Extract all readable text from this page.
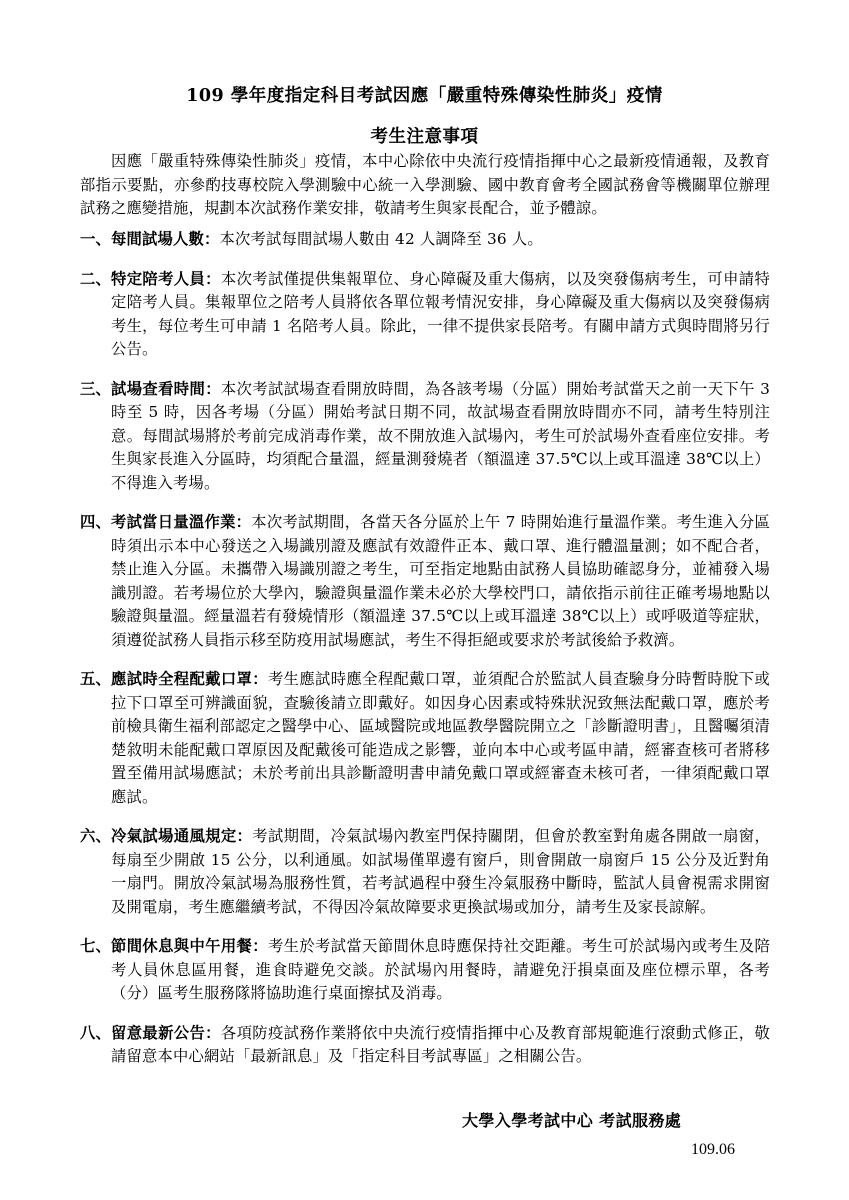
109 學年度指定科目考試因應「嚴重特殊傳染性肺炎」疫情
考生注意事項
因應「嚴重特殊傳染性肺炎」疫情，本中心除依中央流行疫情指揮中心之最新疫情通報，及教育部指示要點，亦參酌技專校院入學測驗中心統一入學測驗、國中教育會考全國試務會等機關單位辦理試務之應變措施，規劃本次試務作業安排，敬請考生與家長配合，並予體諒。
一、 每間試場人數：本次考試每間試場人數由 42 人調降至 36 人。
二、 特定陪考人員：本次考試僅提供集報單位、身心障礙及重大傷病，以及突發傷病考生，可申請特定陪考人員。集報單位之陪考人員將依各單位報考情況安排，身心障礙及重大傷病以及突發傷病考生，每位考生可申請 1 名陪考人員。除此，一律不提供家長陪考。有關申請方式與時間將另行公告。
三、 試場查看時間：本次考試試場查看開放時間，為各該考場（分區）開始考試當天之前一天下午 3 時至 5 時，因各考場（分區）開始考試日期不同，故試場查看開放時間亦不同，請考生特別注意。每間試場將於考前完成消毒作業，故不開放進入試場內，考生可於試場外查看座位安排。考生與家長進入分區時，均須配合量溫，經量測發燒者（額溫達 37.5℃以上或耳溫達 38℃以上）不得進入考場。
四、 考試當日量溫作業：本次考試期間，各當天各分區於上午 7 時開始進行量溫作業。考生進入分區時須出示本中心發送之入場識別證及應試有效證件正本、戴口罩、進行體溫量測；如不配合者，禁止進入分區。未攜帶入場識別證之考生，可至指定地點由試務人員協助確認身分，並補發入場識別證。若考場位於大學內，驗證與量溫作業未必於大學校門口，請依指示前往正確考場地點以驗證與量溫。經量溫若有發燒情形（額溫達 37.5℃以上或耳溫達 38℃以上）或呼吸道等症狀，須遵從試務人員指示移至防疫用試場應試，考生不得拒絕或要求於考試後給予救濟。
五、 應試時全程配戴口罩：考生應試時應全程配戴口罩，並須配合於監試人員查驗身分時暫時脫下或拉下口罩至可辨識面貌，查驗後請立即戴好。如因身心因素或特殊狀況致無法配戴口罩，應於考前檢具衛生福利部認定之醫學中心、區域醫院或地區教學醫院開立之「診斷證明書」，且醫囑須清楚敘明未能配戴口罩原因及配戴後可能造成之影響，並向本中心或考區申請，經審查核可者將移置至備用試場應試；未於考前出具診斷證明書申請免戴口罩或經審查未核可者，一律須配戴口罩應試。
六、 冷氣試場通風規定：考試期間，冷氣試場內教室門保持關閉，但會於教室對角處各開啟一扇窗，每扇至少開啟 15 公分，以利通風。如試場僅單邊有窗戶，則會開啟一扇窗戶 15 公分及近對角一扇門。開放冷氣試場為服務性質，若考試過程中發生冷氣服務中斷時，監試人員會視需求開窗及開電扇，考生應繼續考試，不得因冷氣故障要求更換試場或加分，請考生及家長諒解。
七、 節間休息與中午用餐：考生於考試當天節間休息時應保持社交距離。考生可於試場內或考生及陪考人員休息區用餐，進食時避免交談。於試場內用餐時，請避免汙損桌面及座位標示單，各考（分）區考生服務隊將協助進行桌面擦拭及消毒。
八、 留意最新公告：各項防疫試務作業將依中央流行疫情指揮中心及教育部規範進行滾動式修正，敬請留意本中心網站「最新訊息」及「指定科目考試專區」之相關公告。
大學入學考試中心 考試服務處
109.06
